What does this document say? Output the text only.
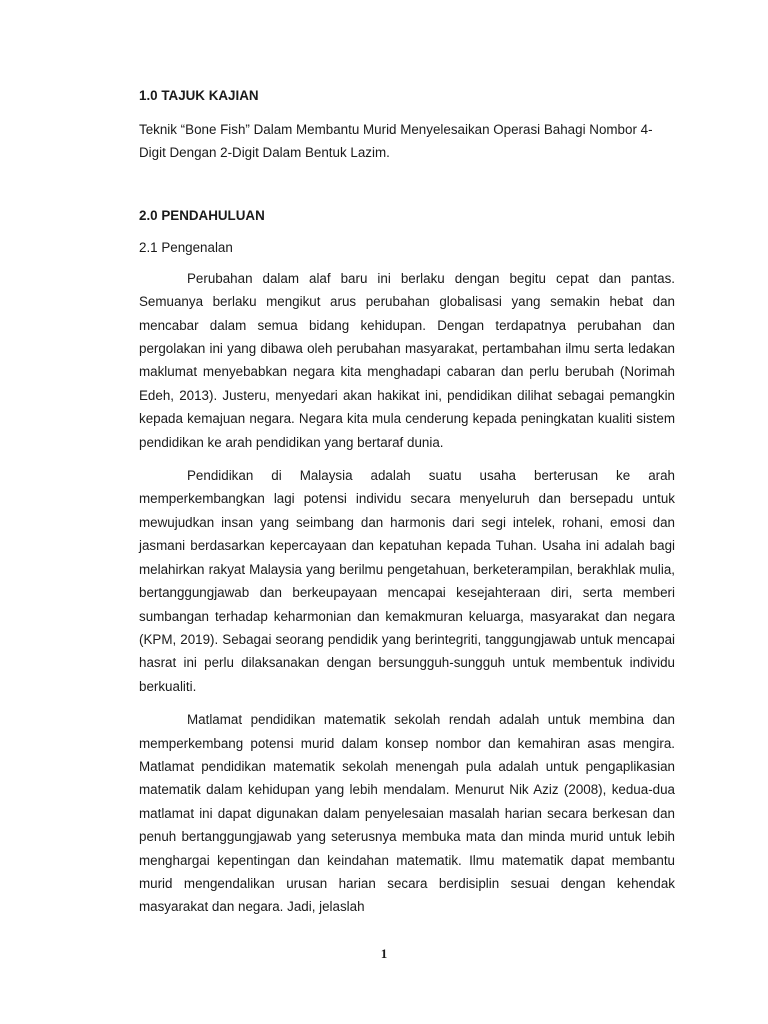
1.0 TAJUK KAJIAN

Teknik “Bone Fish” Dalam Membantu Murid Menyelesaikan Operasi Bahagi Nombor 4-Digit Dengan 2-Digit Dalam Bentuk Lazim.

2.0 PENDAHULUAN

2.1 Pengenalan

Perubahan dalam alaf baru ini berlaku dengan begitu cepat dan pantas. Semuanya berlaku mengikut arus perubahan globalisasi yang semakin hebat dan mencabar dalam semua bidang kehidupan. Dengan terdapatnya perubahan dan pergolakan ini yang dibawa oleh perubahan masyarakat, pertambahan ilmu serta ledakan maklumat menyebabkan negara kita menghadapi cabaran dan perlu berubah (Norimah Edeh, 2013). Justeru, menyedari akan hakikat ini, pendidikan dilihat sebagai pemangkin kepada kemajuan negara. Negara kita mula cenderung kepada peningkatan kualiti sistem pendidikan ke arah pendidikan yang bertaraf dunia.

Pendidikan di Malaysia adalah suatu usaha berterusan ke arah memperkembangkan lagi potensi individu secara menyeluruh dan bersepadu untuk mewujudkan insan yang seimbang dan harmonis dari segi intelek, rohani, emosi dan jasmani berdasarkan kepercayaan dan kepatuhan kepada Tuhan. Usaha ini adalah bagi melahirkan rakyat Malaysia yang berilmu pengetahuan, berketerampilan, berakhlak mulia, bertanggungjawab dan berkeupayaan mencapai kesejahteraan diri, serta memberi sumbangan terhadap keharmonian dan kemakmuran keluarga, masyarakat dan negara (KPM, 2019). Sebagai seorang pendidik yang berintegriti, tanggungjawab untuk mencapai hasrat ini perlu dilaksanakan dengan bersungguh-sungguh untuk membentuk individu berkualiti.

Matlamat pendidikan matematik sekolah rendah adalah untuk membina dan memperkembang potensi murid dalam konsep nombor dan kemahiran asas mengira. Matlamat pendidikan matematik sekolah menengah pula adalah untuk pengaplikasian matematik dalam kehidupan yang lebih mendalam. Menurut Nik Aziz (2008), kedua-dua matlamat ini dapat digunakan dalam penyelesaian masalah harian secara berkesan dan penuh bertanggungjawab yang seterusnya membuka mata dan minda murid untuk lebih menghargai kepentingan dan keindahan matematik. Ilmu matematik dapat membantu murid mengendalikan urusan harian secara berdisiplin sesuai dengan kehendak masyarakat dan negara. Jadi, jelaslah

1
